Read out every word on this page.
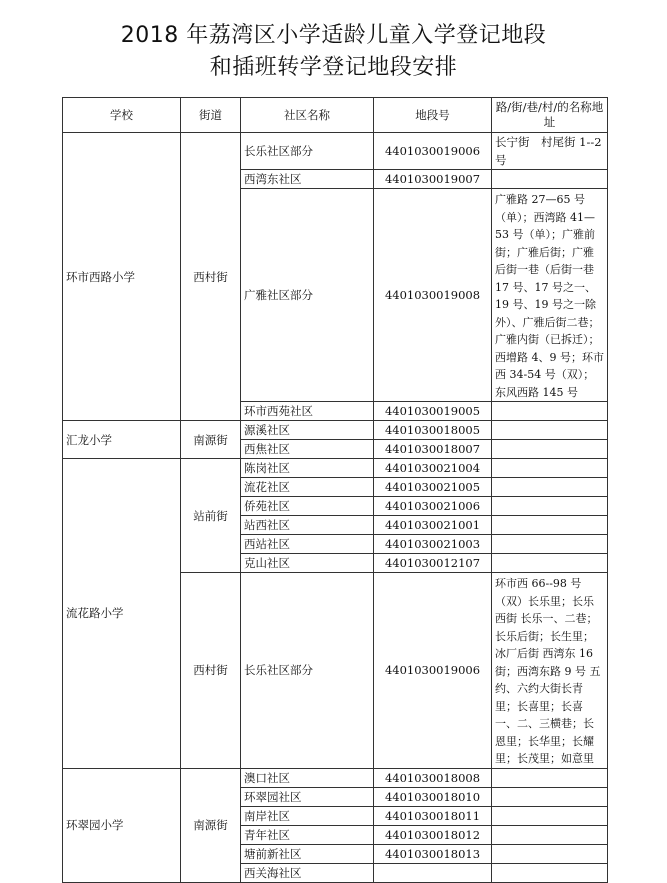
2018 年荔湾区小学适龄儿童入学登记地段
和插班转学登记地段安排
学校	街道	社区名称	地段号	路/街/巷/村/的名称地址
环市西路小学	西村街	长乐社区部分	4401030019006	长宁街　村尾街 1--2 号
		西湾东社区	4401030019007	
		广雅社区部分	4401030019008	广雅路 27—65 号（单）；西湾路 41—53 号（单）；广雅前街；广雅后街；广雅后街一巷（后街一巷 17 号、17 号之一、19 号、19 号之一除外）、广雅后街二巷；广雅内街（已拆迁）；西增路 4、9 号；环市西 34-54 号（双）；东风西路 145 号
		环市西苑社区	4401030019005	
汇龙小学	南源街	源溪社区	4401030018005	
		西焦社区	4401030018007	
流花路小学	站前街	陈岗社区	4401030021004	
		流花社区	4401030021005	
		侨苑社区	4401030021006	
		站西社区	4401030021001	
		西站社区	4401030021003	
		克山社区	4401030012107	
	西村街	长乐社区部分	4401030019006	环市西 66--98 号（双）长乐里；长乐西街 长乐一、二巷；长乐后街；长生里；冰厂后街 西湾东 16 街；西湾东路 9 号 五约、六约大街长青里；长喜里；长喜一、二、三横巷；长恩里；长华里；长耀里；长茂里；如意里
环翠园小学	南源街	澳口社区	4401030018008	
		环翠园社区	4401030018010	
		南岸社区	4401030018011	
		青年社区	4401030018012	
		塘前新社区	4401030018013	
		西关海社区		
